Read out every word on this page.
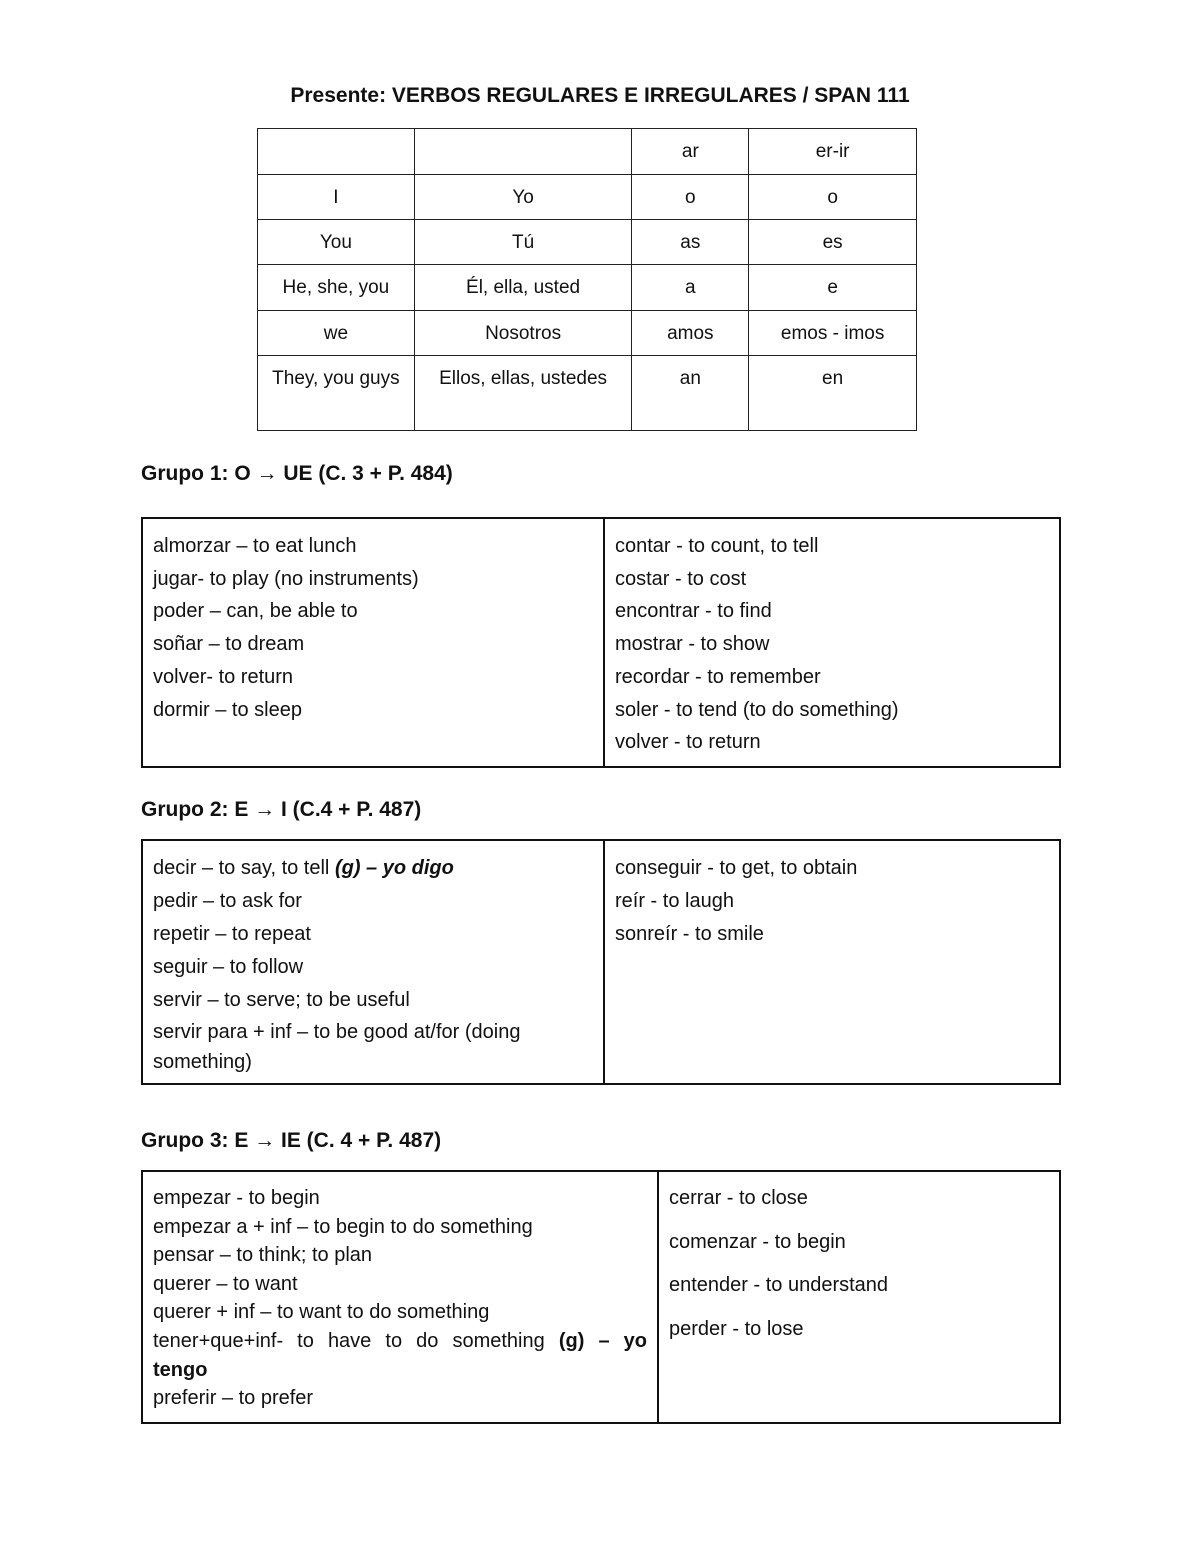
Presente: VERBOS REGULARES E IRREGULARES / SPAN 111
		ar	er-ir
I	Yo	o	o
You	Tú	as	es
He, she, you	Él, ella, usted	a	e
we	Nosotros	amos	emos - imos
They, you guys	Ellos, ellas, ustedes	an	en
Grupo 1: O → UE (C. 3 + P. 484)
almorzar – to eat lunch
jugar- to play (no instruments)
poder – can, be able to
soñar – to dream
volver- to return
dormir – to sleep
contar - to count, to tell
costar - to cost
encontrar - to find
mostrar - to show
recordar - to remember
soler - to tend (to do something)
volver - to return
Grupo 2: E → I (C.4 + P. 487)
decir – to say, to tell (g) – yo digo
pedir – to ask for
repetir – to repeat
seguir – to follow
servir – to serve; to be useful
servir para + inf – to be good at/for (doing something)
conseguir - to get, to obtain
reír - to laugh
sonreír - to smile
Grupo 3: E → IE (C. 4 + P. 487)
empezar - to begin
empezar a + inf – to begin to do something
pensar – to think; to plan
querer – to want
querer + inf – to want to do something
tener+que+inf- to have to do something (g) – yo tengo
preferir – to prefer
cerrar - to close
comenzar - to begin
entender - to understand
perder - to lose
